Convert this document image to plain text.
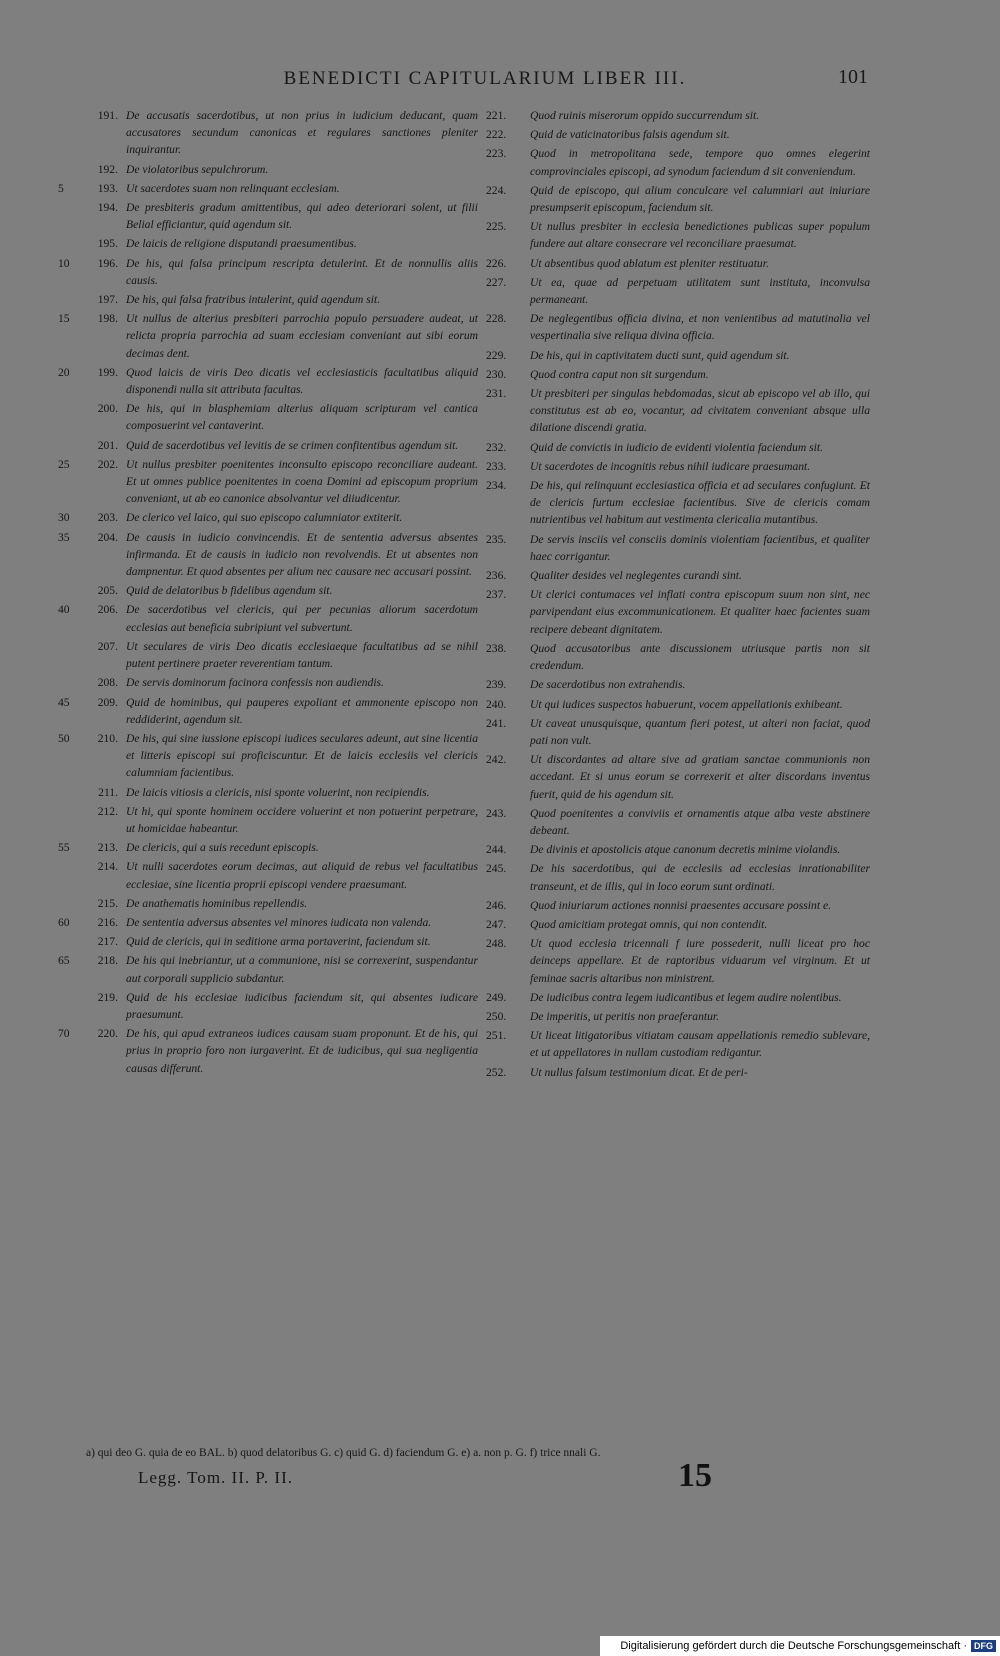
BENEDICTI CAPITULARIUM LIBER III.	101
191. De accusatis sacerdotibus, ut non prius in iudicium deducant, quam accusatores secundum canonicas et regulares sanctiones pleniter inquirantur.
192. De violatoribus sepulchrorum.
5	193. Ut sacerdotes suam non relinquant ecclesiam.
194. De presbiteris gradum amittentibus, qui adeo deteriorari solent, ut filii Belial efficiantur, quid agendum sit.
195. De laicis de religione disputandi praesumentibus.
10	196. De his, qui falsa principum rescripta detulerint. Et de nonnullis aliis causis.
197. De his, qui falsa fratribus intulerint, quid agendum sit.
15	198. Ut nullus de alterius presbiteri parrochia populo persuadere audeat, ut relicta propria parrochia ad suam ecclesiam conveniant aut sibi eorum decimas dent.
20	199. Quod laicis de viris Deo dicatis vel ecclesiasticis facultatibus aliquid disponendi nulla sit attributa facultas.
200. De his, qui in blasphemiam alterius aliquam scripturam vel cantica composuerint vel cantaverint.
201. Quid de sacerdotibus vel levitis de se crimen confitentibus agendum sit.
25	202. Ut nullus presbiter poenitentes inconsulto episcopo reconciliare audeant. Et ut omnes publice poenitentes in coena Domini ad episcopum proprium conveniant, ut ab eo canonice absolvantur vel diiudicentur.
30	203. De clerico vel laico, qui suo episcopo calumniator extiterit.
35	204. De causis in iudicio convincendis. Et de sententia adversus absentes infirmanda. Et de causis in iudicio non revolvendis. Et ut absentes non dampnentur. Et quod absentes per alium nec causare nec accusari possint.
205. Quid de delatoribus b fidelibus agendum sit.
40	206. De sacerdotibus vel clericis, qui per pecunias aliorum sacerdotum ecclesias aut beneficia subripiunt vel subvertunt.
207. Ut seculares de viris Deo dicatis ecclesiaeque facultatibus ad se nihil putent pertinere praeter reverentiam tantum.
208. De servis dominorum facinora confessis non audiendis.
45	209. Quid de hominibus, qui pauperes expoliant et ammonente episcopo non reddiderint, agendum sit.
50	210. De his, qui sine iussione episcopi iudices seculares adeunt, aut sine licentia et litteris episcopi sui proficiscuntur. Et de laicis ecclesiis vel clericis calumniam facientibus.
211. De laicis vitiosis a clericis, nisi sponte voluerint, non recipiendis.
212. Ut hi, qui sponte hominem occidere voluerint et non potuerint perpetrare, ut homicidae habeantur.
55	213. De clericis, qui a suis recedunt episcopis.
214. Ut nulli sacerdotes eorum decimas, aut aliquid de rebus vel facultatibus ecclesiae, sine licentia proprii episcopi vendere praesumant.
215. De anathematis hominibus repellendis.
60	216. De sententia adversus absentes vel minores iudicata non valenda.
217. Quid de clericis, qui in seditione arma portaverint, faciendum sit.
65	218. De his qui inebriantur, ut a communione, nisi se correxerint, suspendantur aut corporali supplicio subdantur.
219. Quid de his ecclesiae iudicibus faciendum sit, qui absentes iudicare praesumunt.
70	220. De his, qui apud extraneos iudices causam suam proponunt. Et de his, qui prius in proprio foro non iurgaverint. Et de iudicibus, qui sua negligentia causas differunt.
221.	Quod ruinis miserorum oppido succurrendum sit.
222.	Quid de vaticinatoribus falsis agendum sit.
223.	Quod in metropolitana sede, tempore quo omnes elegerint comprovinciales episcopi, ad synodum faciendum d sit conveniendum.
224.	Quid de episcopo, qui alium conculcare vel calumniari aut iniuriare presumpserit episcopum, faciendum sit.
225.	Ut nullus presbiter in ecclesia benedictiones publicas super populum fundere aut altare consecrare vel reconciliare praesumat.
226.	Ut absentibus quod ablatum est pleniter restituatur.
227.	Ut ea, quae ad perpetuam utilitatem sunt instituta, inconvulsa permaneant.
228.	De neglegentibus officia divina, et non venientibus ad matutinalia vel vespertinalia sive reliqua divina officia.
229.	De his, qui in captivitatem ducti sunt, quid agendum sit.
230.	Quod contra caput non sit surgendum.
231.	Ut presbiteri per singulas hebdomadas, sicut ab episcopo vel ab illo, qui constitutus est ab eo, vocantur, ad civitatem conveniant absque ulla dilatione discendi gratia.
232.	Quid de convictis in iudicio de evidenti violentia faciendum sit.
233.	Ut sacerdotes de incognitis rebus nihil iudicare praesumant.
234.	De his, qui relinquunt ecclesiastica officia et ad seculares confugiunt. Et de clericis furtum ecclesiae facientibus. Sive de clericis comam nutrientibus vel habitum aut vestimenta clericalia mutantibus.
235.	De servis insciis vel consciis dominis violentiam facientibus, et qualiter haec corrigantur.
236.	Qualiter desides vel neglegentes curandi sint.
237.	Ut clerici contumaces vel inflati contra episcopum suum non sint, nec parvipendant eius excommunicationem. Et qualiter haec facientes suam recipere debeant dignitatem.
238.	Quod accusatoribus ante discussionem utriusque partis non sit credendum.
239.	De sacerdotibus non extrahendis.
240.	Ut qui iudices suspectos habuerunt, vocem appellationis exhibeant.
241.	Ut caveat unusquisque, quantum fieri potest, ut alteri non faciat, quod pati non vult.
242.	Ut discordantes ad altare sive ad gratiam sanctae communionis non accedant. Et si unus eorum se correxerit et alter discordans inventus fuerit, quid de his agendum sit.
243.	Quod poenitentes a conviviis et ornamentis atque alba veste abstinere debeant.
244.	De divinis et apostolicis atque canonum decretis minime violandis.
245.	De his sacerdotibus, qui de ecclesiis ad ecclesias inrationabiliter transeunt, et de illis, qui in loco eorum sunt ordinati.
246.	Quod iniuriarum actiones nonnisi praesentes accusare possint e.
247.	Quod amicitiam protegat omnis, qui non contendit.
248.	Ut quod ecclesia tricennali f iure possederit, nulli liceat pro hoc deinceps appellare. Et de raptoribus viduarum vel virginum. Et ut feminae sacris altaribus non ministrent.
249.	De iudicibus contra legem iudicantibus et legem audire nolentibus.
250.	De imperitis, ut peritis non praeferantur.
251.	Ut liceat litigatoribus vitiatam causam appellationis remedio sublevare, et ut appellatores in nullam custodiam redigantur.
252.	Ut nullus falsum testimonium dicat. Et de peri-
a) qui deo G. quia de eo BAL. b) quod delatoribus G. c) quid G. d) faciendum G. e) a. non p. G. f) trice nnali G.
Legg. Tom. II. P. II.	15
Digitalisierung gefördert durch die Deutsche Forschungsgemeinschaft · DFG
